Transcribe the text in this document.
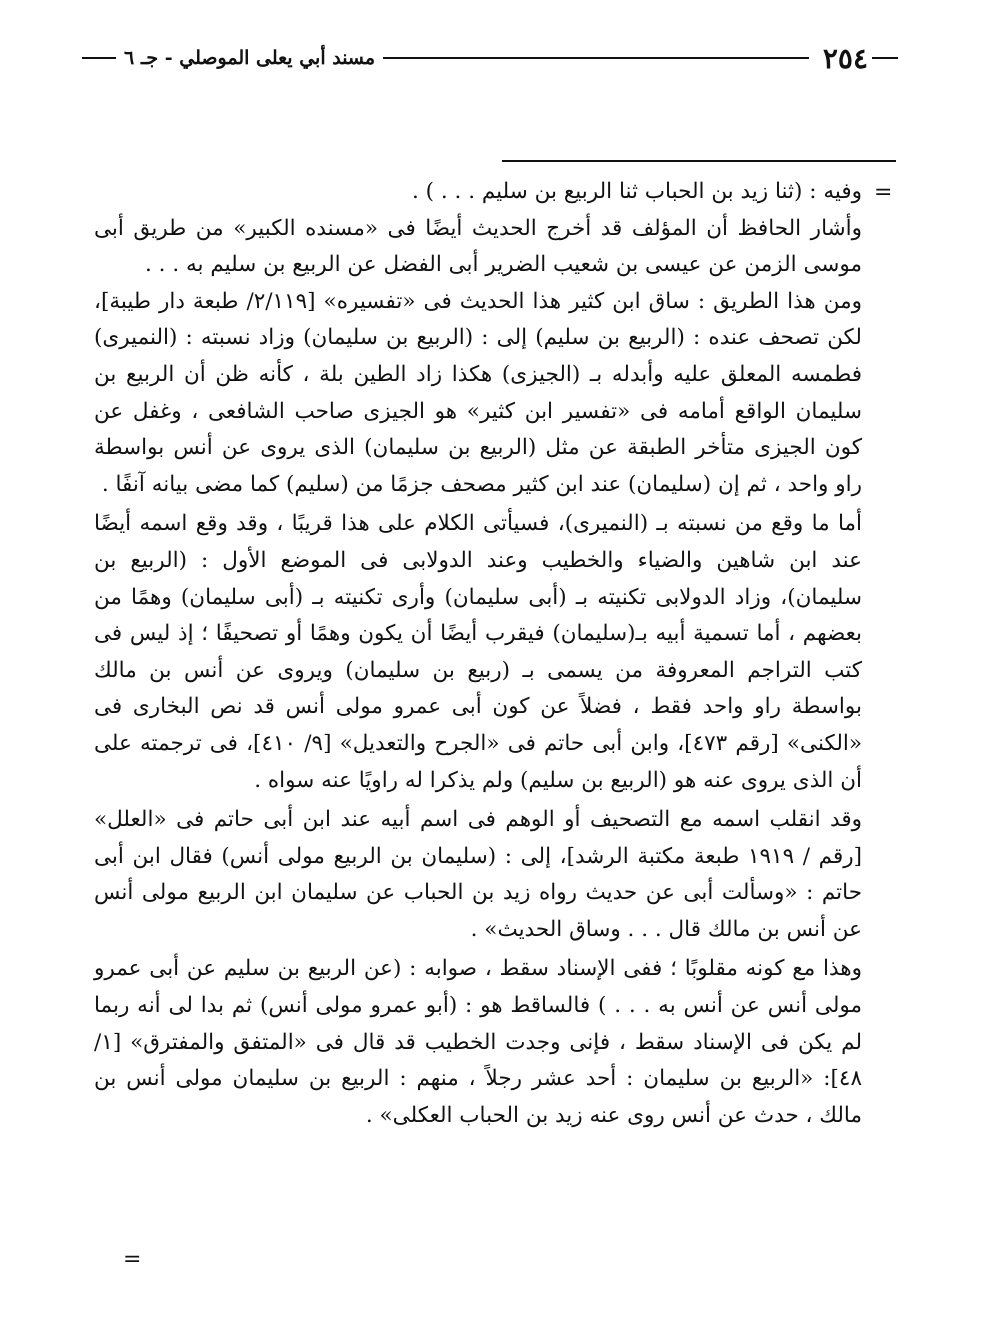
٢٥٤
مسند أبي يعلى الموصلي - جـ ٦
=
=

وفيه : (ثنا زيد بن الحباب ثنا الربيع بن سليم . . . ) .

وأشار الحافظ أن المؤلف قد أخرج الحديث أيضًا فى «مسنده الكبير» من طريق أبى موسى الزمن عن عيسى بن شعيب الضرير أبى الفضل عن الربيع بن سليم به . . .

ومن هذا الطريق : ساق ابن كثير هذا الحديث فى «تفسيره» [٢/١١٩/ طبعة دار طيبة]، لكن تصحف عنده : (الربيع بن سليم) إلى : (الربيع بن سليمان) وزاد نسبته : (النميرى) فطمسه المعلق عليه وأبدله بـ (الجيزى) هكذا زاد الطين بلة ، كأنه ظن أن الربيع بن سليمان الواقع أمامه فى «تفسير ابن كثير» هو الجيزى صاحب الشافعى ، وغفل عن كون الجيزى متأخر الطبقة عن مثل (الربيع بن سليمان) الذى يروى عن أنس بواسطة راو واحد ، ثم إن (سليمان) عند ابن كثير مصحف جزمًا من (سليم) كما مضى بيانه آنفًا .

أما ما وقع من نسبته بـ (النميرى)، فسيأتى الكلام على هذا قريبًا ، وقد وقع اسمه أيضًا عند ابن شاهين والضياء والخطيب وعند الدولابى فى الموضع الأول : (الربيع بن سليمان)، وزاد الدولابى تكنيته بـ (أبى سليمان) وأرى تكنيته بـ (أبى سليمان) وهمًا من بعضهم ، أما تسمية أبيه بـ(سليمان) فيقرب أيضًا أن يكون وهمًا أو تصحيفًا ؛ إذ ليس فى كتب التراجم المعروفة من يسمى بـ (ربيع بن سليمان) ويروى عن أنس بن مالك بواسطة راو واحد فقط ، فضلاً عن كون أبى عمرو مولى أنس قد نص البخارى فى «الكنى» [رقم ٤٧٣]، وابن أبى حاتم فى «الجرح والتعديل» [٩/ ٤١٠]، فى ترجمته على أن الذى يروى عنه هو (الربيع بن سليم) ولم يذكرا له راويًا عنه سواه .

وقد انقلب اسمه مع التصحيف أو الوهم فى اسم أبيه عند ابن أبى حاتم فى «العلل» [رقم / ١٩١٩ طبعة مكتبة الرشد]، إلى : (سليمان بن الربيع مولى أنس) فقال ابن أبى حاتم : «وسألت أبى عن حديث رواه زيد بن الحباب عن سليمان ابن الربيع مولى أنس عن أنس بن مالك قال . . . وساق الحديث» .

وهذا مع كونه مقلوبًا ؛ ففى الإسناد سقط ، صوابه : (عن الربيع بن سليم عن أبى عمرو مولى أنس عن أنس به . . . ) فالساقط هو : (أبو عمرو مولى أنس) ثم بدا لى أنه ربما لم يكن فى الإسناد سقط ، فإنى وجدت الخطيب قد قال فى «المتفق والمفترق» [١/ ٤٨]: «الربيع بن سليمان : أحد عشر رجلاً ، منهم : الربيع بن سليمان مولى أنس بن مالك ، حدث عن أنس روى عنه زيد بن الحباب العكلى» .
